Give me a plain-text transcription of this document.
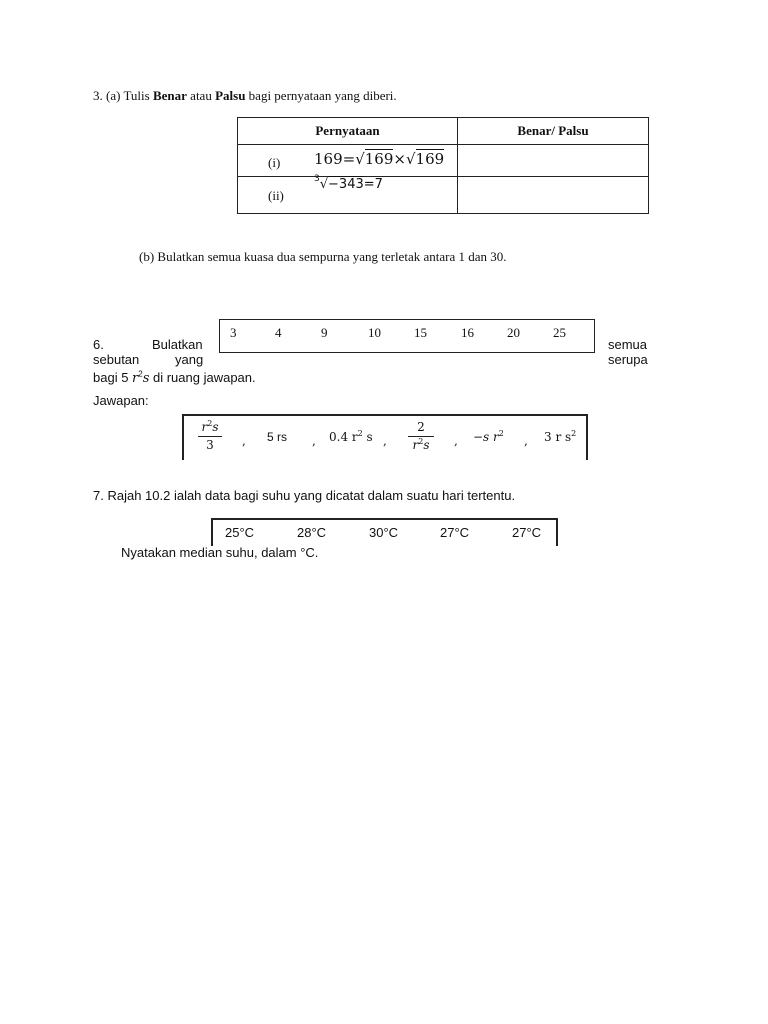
3. (a) Tulis Benar atau Palsu bagi pernyataan yang diberi.
Pernyataan	Benar/ Palsu

(i) 169=√169×√169	

(ii)
$^3$√−343=7	

(b) Bulatkan semua kuasa dua sempurna yang terletak antara 1 dan 30.
3	4	9	10	15	16	20	25
6.	Bulatkan	semua
sebutan	yang	serupa
bagi 5 $r^2s$ di ruang jawapan.
Jawapan:
$r^2s$
3	, 5 rs , 0.4 $r^2$ s ,
2
$r^2s$	, −s $r^2$
, 3 r $s^2$
7. Rajah 10.2 ialah data bagi suhu yang dicatat dalam suatu hari tertentu.
25°C	28°C	30°C	27°C	27°C
Nyatakan median suhu, dalam °C.
